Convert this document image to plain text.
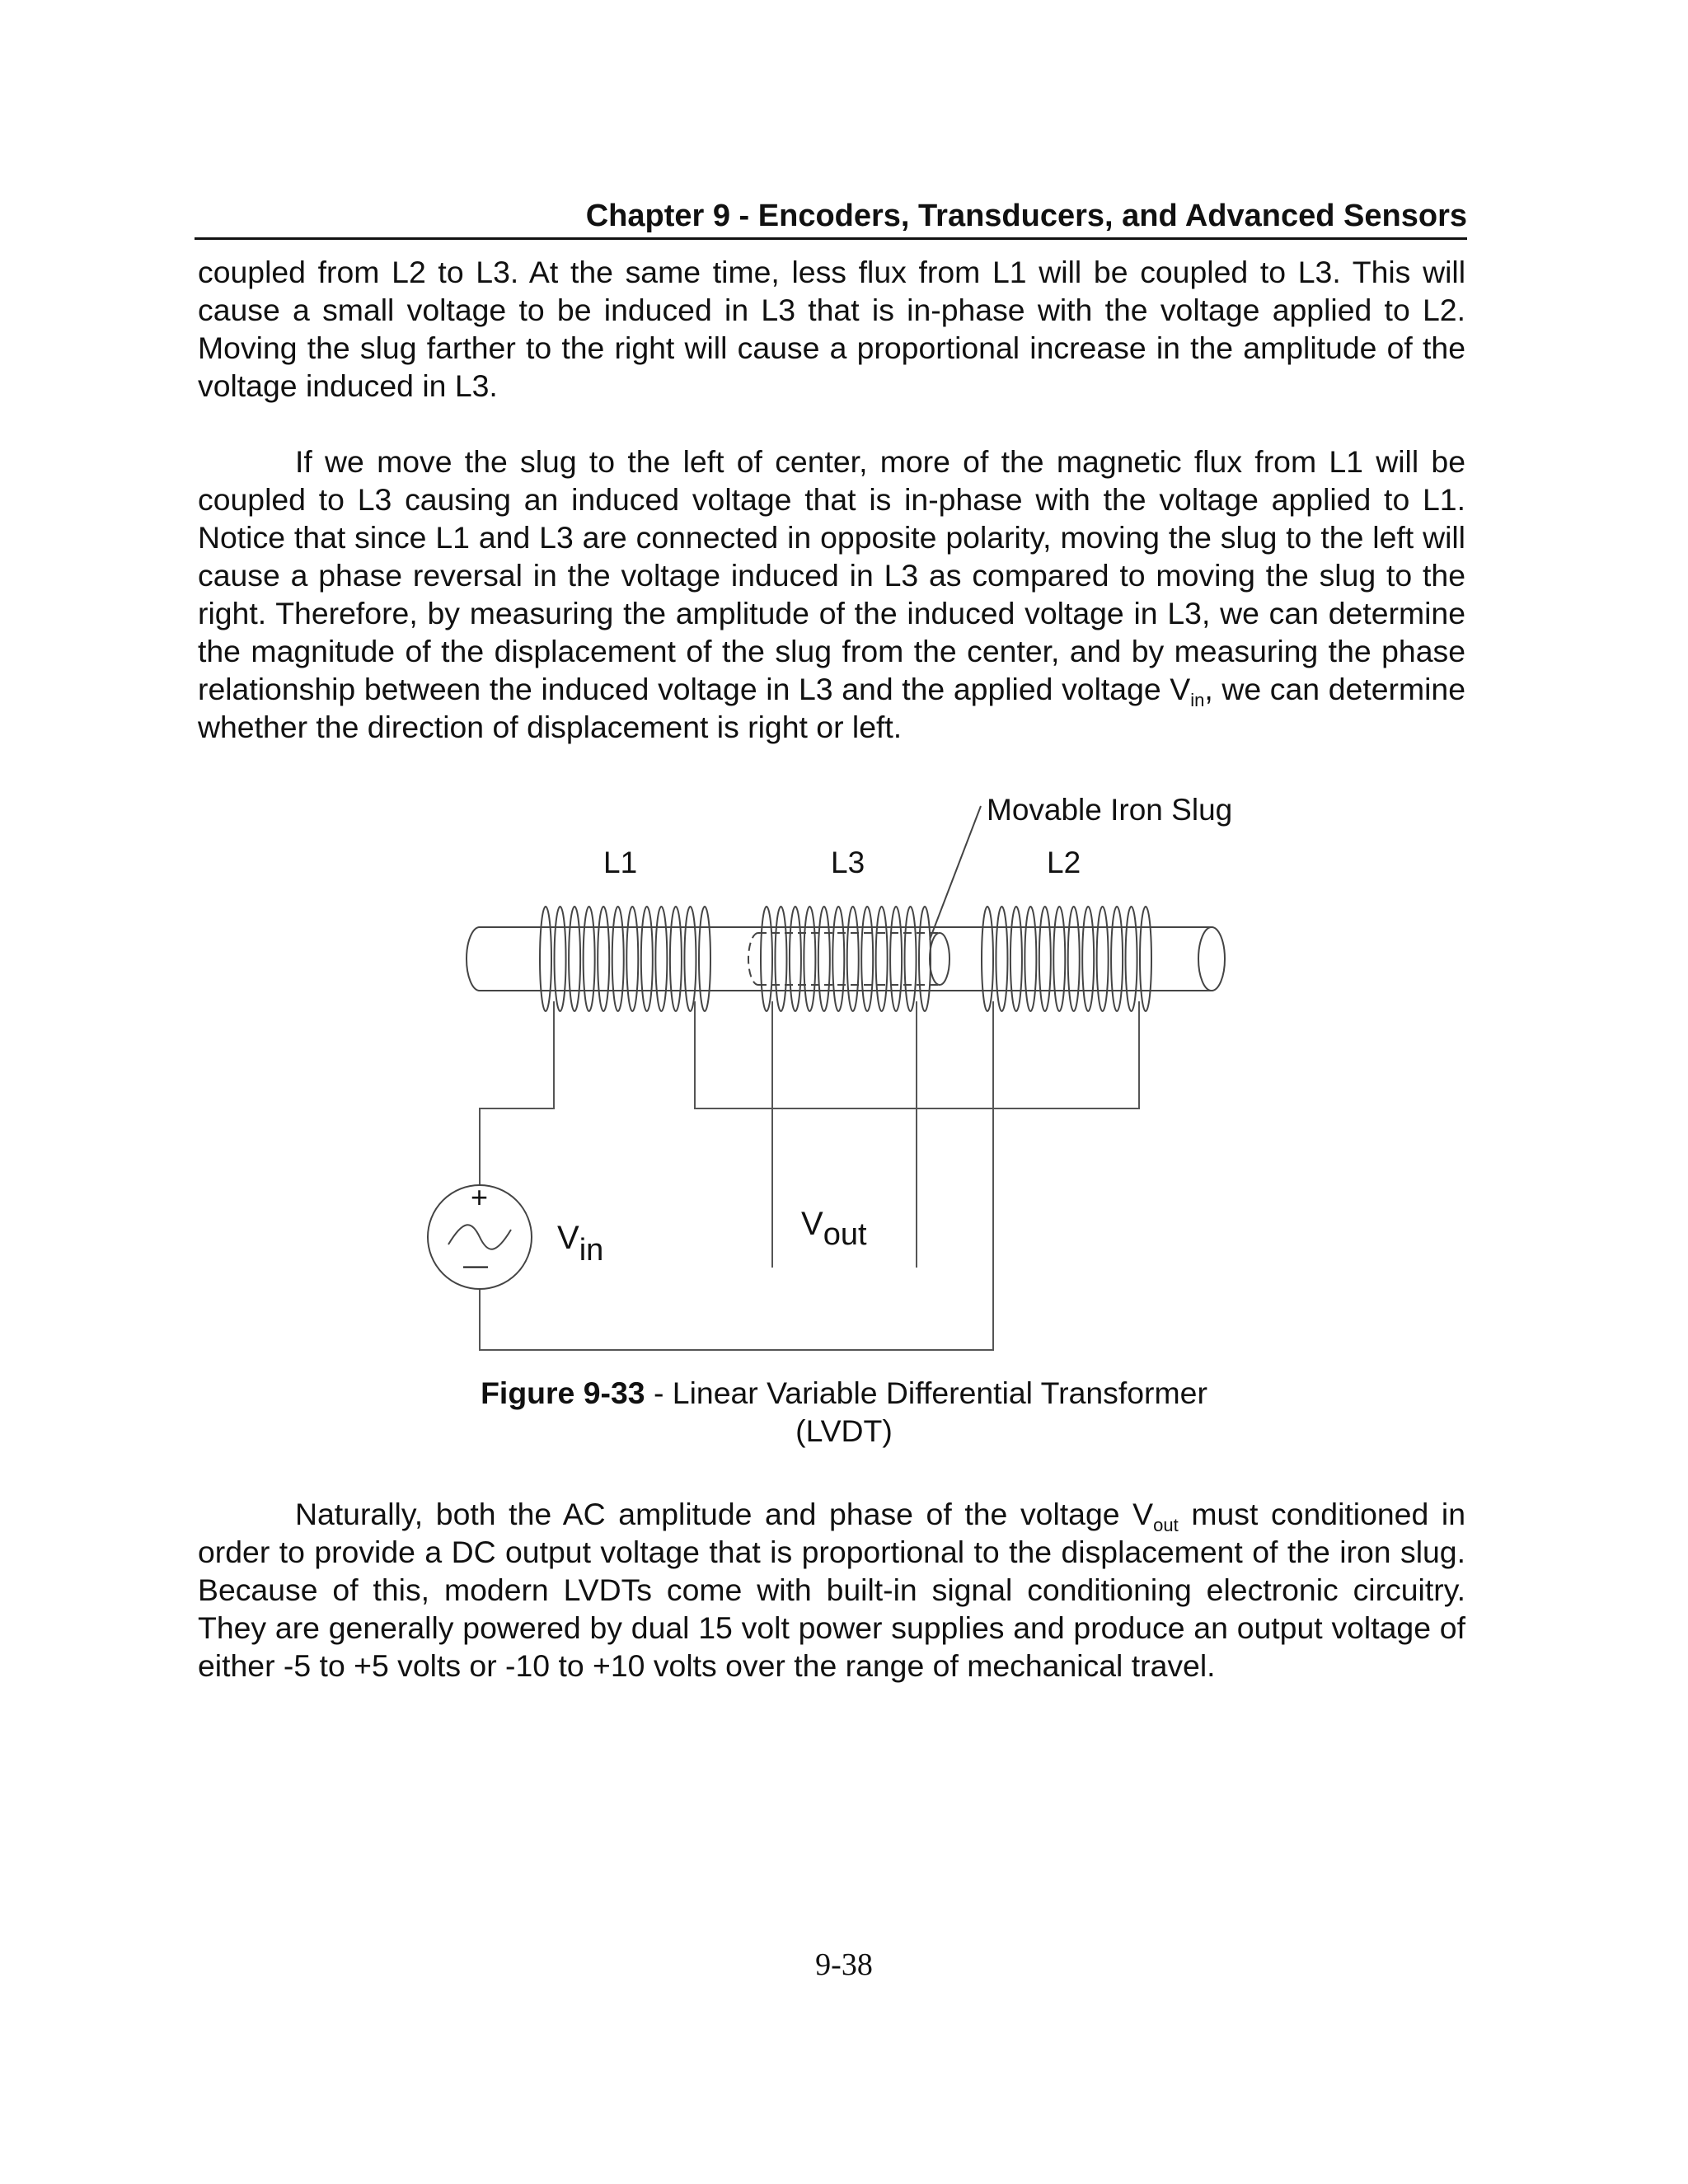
Chapter 9 - Encoders, Transducers, and Advanced Sensors

coupled from L2 to L3. At the same time, less flux from L1 will be coupled to L3. This will cause a small voltage to be induced in L3 that is in-phase with the voltage applied to L2. Moving the slug farther to the right will cause a proportional increase in the amplitude of the voltage induced in L3.

If we move the slug to the left of center, more of the magnetic flux from L1 will be coupled to L3 causing an induced voltage that is in-phase with the voltage applied to L1. Notice that since L1 and L3 are connected in opposite polarity, moving the slug to the left will cause a phase reversal in the voltage induced in L3 as compared to moving the slug to the right. Therefore, by measuring the amplitude of the induced voltage in L3, we can determine the magnitude of the displacement of the slug from the center, and by measuring the phase relationship between the induced voltage in L3 and the applied voltage $V_{in}$, we can determine whether the direction of displacement is right or left.

Movable Iron Slug
L1	L3	L2
+
—
Vin
Vout
Figure 9-33 - Linear Variable Differential Transformer
(LVDT)

Naturally, both the AC amplitude and phase of the voltage $V_{out}$ must conditioned in order to provide a DC output voltage that is proportional to the displacement of the iron slug. Because of this, modern LVDTs come with built-in signal conditioning electronic circuitry. They are generally powered by dual 15 volt power supplies and produce an output voltage of either -5 to +5 volts or -10 to +10 volts over the range of mechanical travel.

9-38
